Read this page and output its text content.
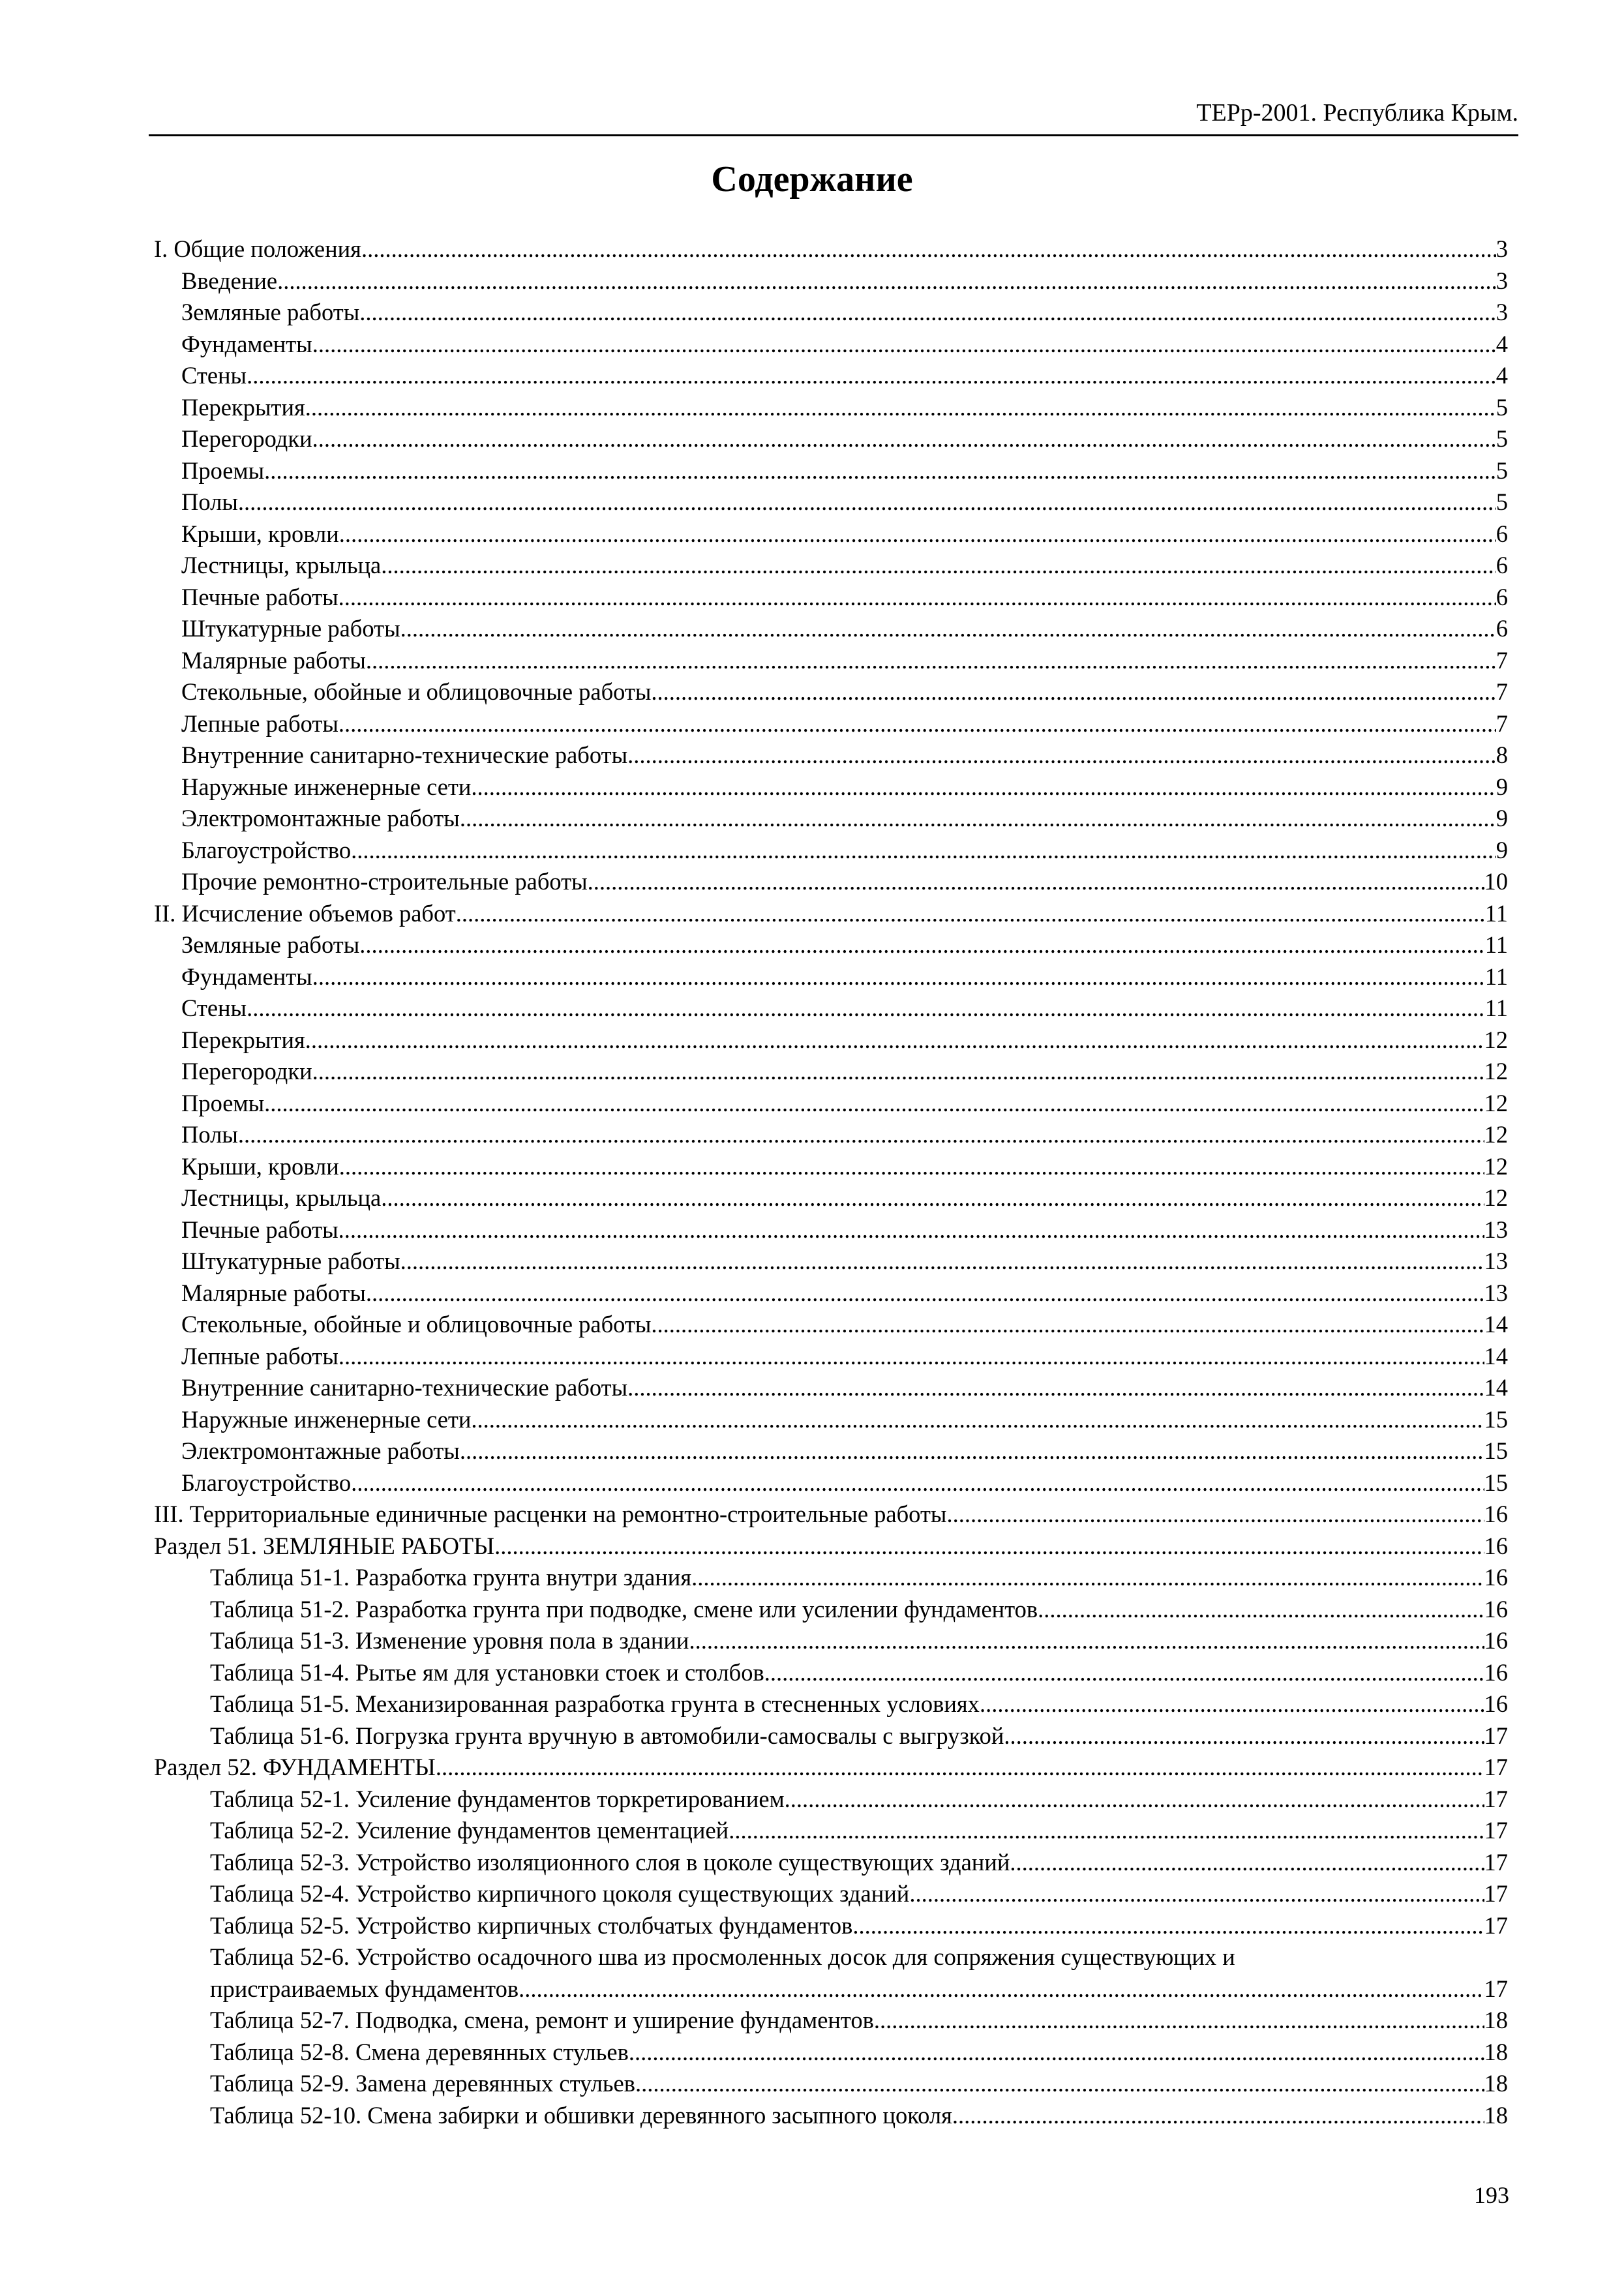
ТЕРр-2001. Республика Крым.
Содержание
I. Общие положения .....	3
Введение .....	3
Земляные работы .....	3
Фундаменты .....	4
Стены .....	4
Перекрытия .....	5
Перегородки .....	5
Проемы .....	5
Полы .....	5
Крыши, кровли .....	6
Лестницы, крыльца .....	6
Печные работы .....	6
Штукатурные работы .....	6
Малярные работы .....	7
Стекольные, обойные и облицовочные работы .....	7
Лепные работы .....	7
Внутренние санитарно-технические работы .....	8
Наружные инженерные сети .....	9
Электромонтажные работы .....	9
Благоустройство .....	9
Прочие ремонтно-строительные работы .....	10
II. Исчисление объемов работ .....	11
Земляные работы .....	11
Фундаменты .....	11
Стены .....	11
Перекрытия .....	12
Перегородки .....	12
Проемы .....	12
Полы .....	12
Крыши, кровли .....	12
Лестницы, крыльца .....	12
Печные работы .....	13
Штукатурные работы .....	13
Малярные работы .....	13
Стекольные, обойные и облицовочные работы .....	14
Лепные работы .....	14
Внутренние санитарно-технические работы .....	14
Наружные инженерные сети .....	15
Электромонтажные работы .....	15
Благоустройство .....	15
III. Территориальные единичные расценки на ремонтно-строительные работы .....	16
Раздел 51. ЗЕМЛЯНЫЕ РАБОТЫ .....	16
Таблица 51-1. Разработка грунта внутри здания .....	16
Таблица 51-2. Разработка грунта при подводке, смене или усилении фундаментов .....	16
Таблица 51-3. Изменение уровня пола в здании .....	16
Таблица 51-4. Рытье ям для установки стоек и столбов .....	16
Таблица 51-5. Механизированная разработка грунта в стесненных условиях .....	16
Таблица 51-6. Погрузка грунта вручную в автомобили-самосвалы с выгрузкой .....	17
Раздел 52. ФУНДАМЕНТЫ .....	17
Таблица 52-1. Усиление фундаментов торкретированием .....	17
Таблица 52-2. Усиление фундаментов цементацией .....	17
Таблица 52-3. Устройство изоляционного слоя в цоколе существующих зданий .....	17
Таблица 52-4. Устройство кирпичного цоколя существующих зданий .....	17
Таблица 52-5. Устройство кирпичных столбчатых фундаментов .....	17
Таблица 52-6. Устройство осадочного шва из просмоленных досок для сопряжения существующих и
пристраиваемых фундаментов .....	17
Таблица 52-7. Подводка, смена, ремонт и уширение фундаментов .....	18
Таблица 52-8. Смена деревянных стульев .....	18
Таблица 52-9. Замена деревянных стульев .....	18
Таблица 52-10. Смена забирки и обшивки деревянного засыпного цоколя .....	18
193
